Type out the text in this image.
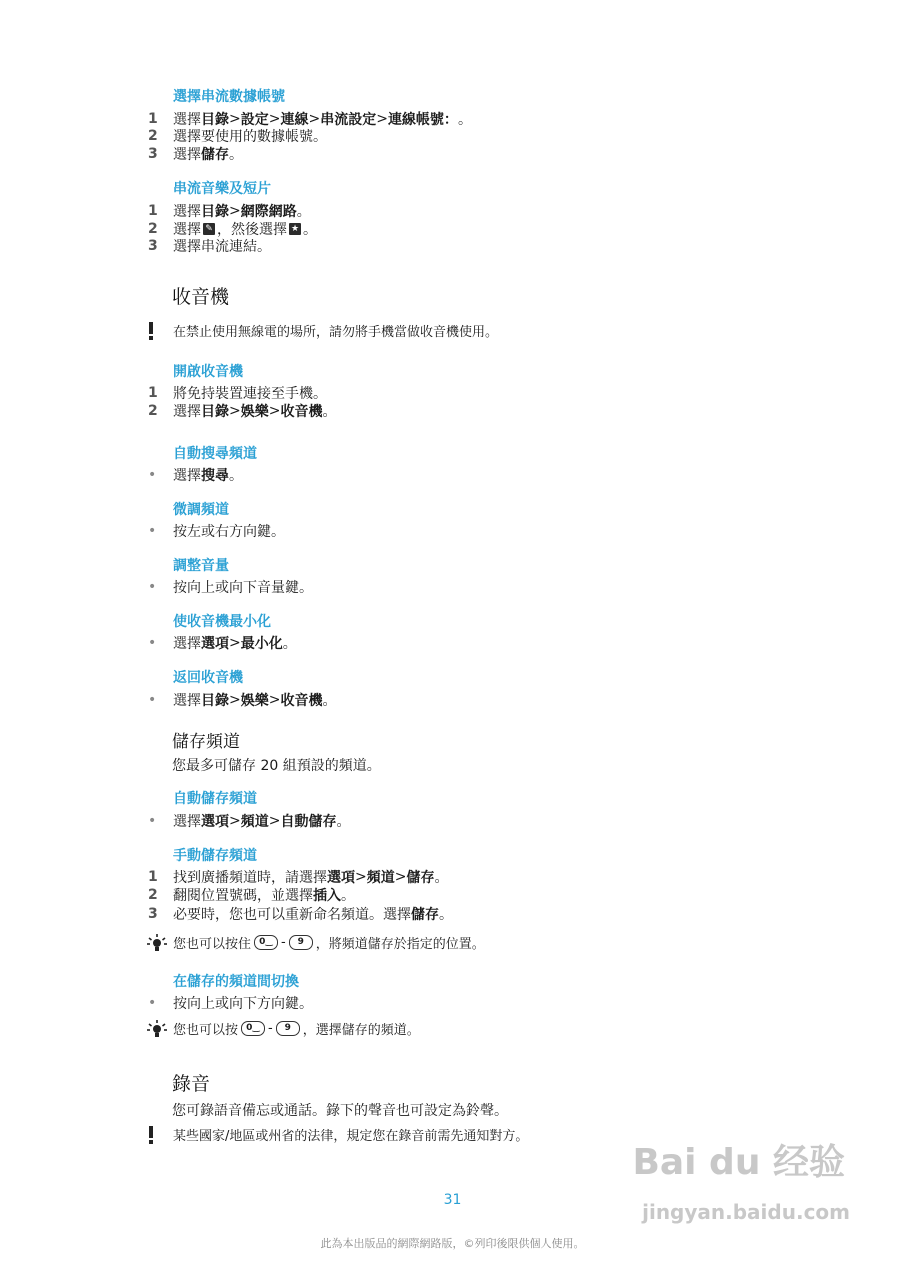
選擇串流數據帳號
1	選擇 目錄 > 設定 > 連線 > 串流設定 > 連線帳號： 。
2	選擇要使用的數據帳號。
3	選擇 儲存 。
串流音樂及短片
1	選擇 目錄 > 網際網路 。
2	選擇 ✎ ，然後選擇 ★ 。
3	選擇串流連結。
收音機
在禁止使用無線電的場所，請勿將手機當做收音機使用。
開啟收音機
1	將免持裝置連接至手機。
2	選擇 目錄 > 娛樂 > 收音機 。
自動搜尋頻道
•	選擇 搜尋 。
微調頻道
•	按左或右方向鍵。
調整音量
•	按向上或向下音量鍵。
使收音機最小化
•	選擇 選項 > 最小化 。
返回收音機
•	選擇 目錄 > 娛樂 > 收音機 。
儲存頻道
您最多可儲存 20 組預設的頻道。
自動儲存頻道
•	選擇 選項 > 頻道 > 自動儲存 。
手動儲存頻道
1	找到廣播頻道時，請選擇 選項 > 頻道 > 儲存 。
2	翻閱位置號碼，並選擇 插入 。
3	必要時，您也可以重新命名頻道。選擇 儲存 。
您也可以按住 0 ‿ - 9 ，將頻道儲存於指定的位置。
在儲存的頻道間切換
•	按向上或向下方向鍵。
您也可以按 0 ‿ - 9 ，選擇儲存的頻道。
錄音
您可錄語音備忘或通話。錄下的聲音也可設定為鈴聲。
某些國家/地區或州省的法律，規定您在錄音前需先通知對方。
Bai du 经验
jingyan.baidu.com
31
此為本出版品的網際網路版，©列印後限供個人使用。
